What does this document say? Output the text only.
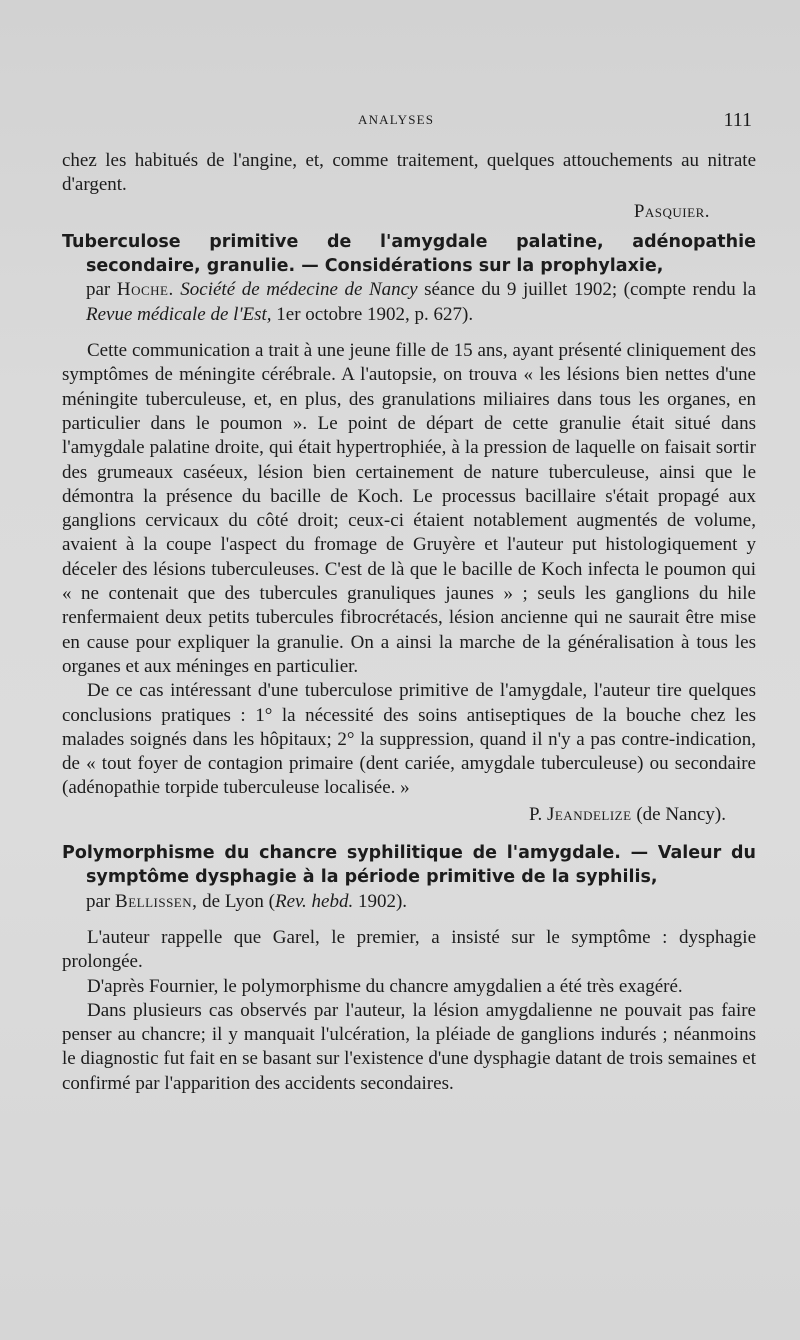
ANALYSES	111

chez les habitués de l'angine, et, comme traitement, quelques attouchements au nitrate d'argent.

Pasquier.

Tuberculose primitive de l'amygdale palatine, adénopathie secondaire, granulie. — Considérations sur la prophylaxie,

par Hoche. Société de médecine de Nancy séance du 9 juillet 1902; (compte rendu la Revue médicale de l'Est, 1er octobre 1902, p. 627).

Cette communication a trait à une jeune fille de 15 ans, ayant présenté cliniquement des symptômes de méningite cérébrale. A l'autopsie, on trouva « les lésions bien nettes d'une méningite tuberculeuse, et, en plus, des granulations miliaires dans tous les organes, en particulier dans le poumon ». Le point de départ de cette granulie était situé dans l'amygdale palatine droite, qui était hypertrophiée, à la pression de laquelle on faisait sortir des grumeaux caséeux, lésion bien certainement de nature tuberculeuse, ainsi que le démontra la présence du bacille de Koch. Le processus bacillaire s'était propagé aux ganglions cervicaux du côté droit; ceux-ci étaient notablement augmentés de volume, avaient à la coupe l'aspect du fromage de Gruyère et l'auteur put histologiquement y déceler des lésions tuberculeuses. C'est de là que le bacille de Koch infecta le poumon qui « ne contenait que des tubercules granuliques jaunes » ; seuls les ganglions du hile renfermaient deux petits tubercules fibrocrétacés, lésion ancienne qui ne saurait être mise en cause pour expliquer la granulie. On a ainsi la marche de la généralisation à tous les organes et aux méninges en particulier.

De ce cas intéressant d'une tuberculose primitive de l'amygdale, l'auteur tire quelques conclusions pratiques : 1° la nécessité des soins antiseptiques de la bouche chez les malades soignés dans les hôpitaux; 2° la suppression, quand il n'y a pas contre-indication, de « tout foyer de contagion primaire (dent cariée, amygdale tuberculeuse) ou secondaire (adénopathie torpide tuberculeuse localisée. »

P. Jeandelize (de Nancy).

Polymorphisme du chancre syphilitique de l'amygdale. — Valeur du symptôme dysphagie à la période primitive de la syphilis,

par Bellissen, de Lyon (Rev. hebd. 1902).

L'auteur rappelle que Garel, le premier, a insisté sur le symptôme : dysphagie prolongée.

D'après Fournier, le polymorphisme du chancre amygdalien a été très exagéré.

Dans plusieurs cas observés par l'auteur, la lésion amygdalienne ne pouvait pas faire penser au chancre; il y manquait l'ulcération, la pléiade de ganglions indurés ; néanmoins le diagnostic fut fait en se basant sur l'existence d'une dysphagie datant de trois semaines et confirmé par l'apparition des accidents secondaires.
